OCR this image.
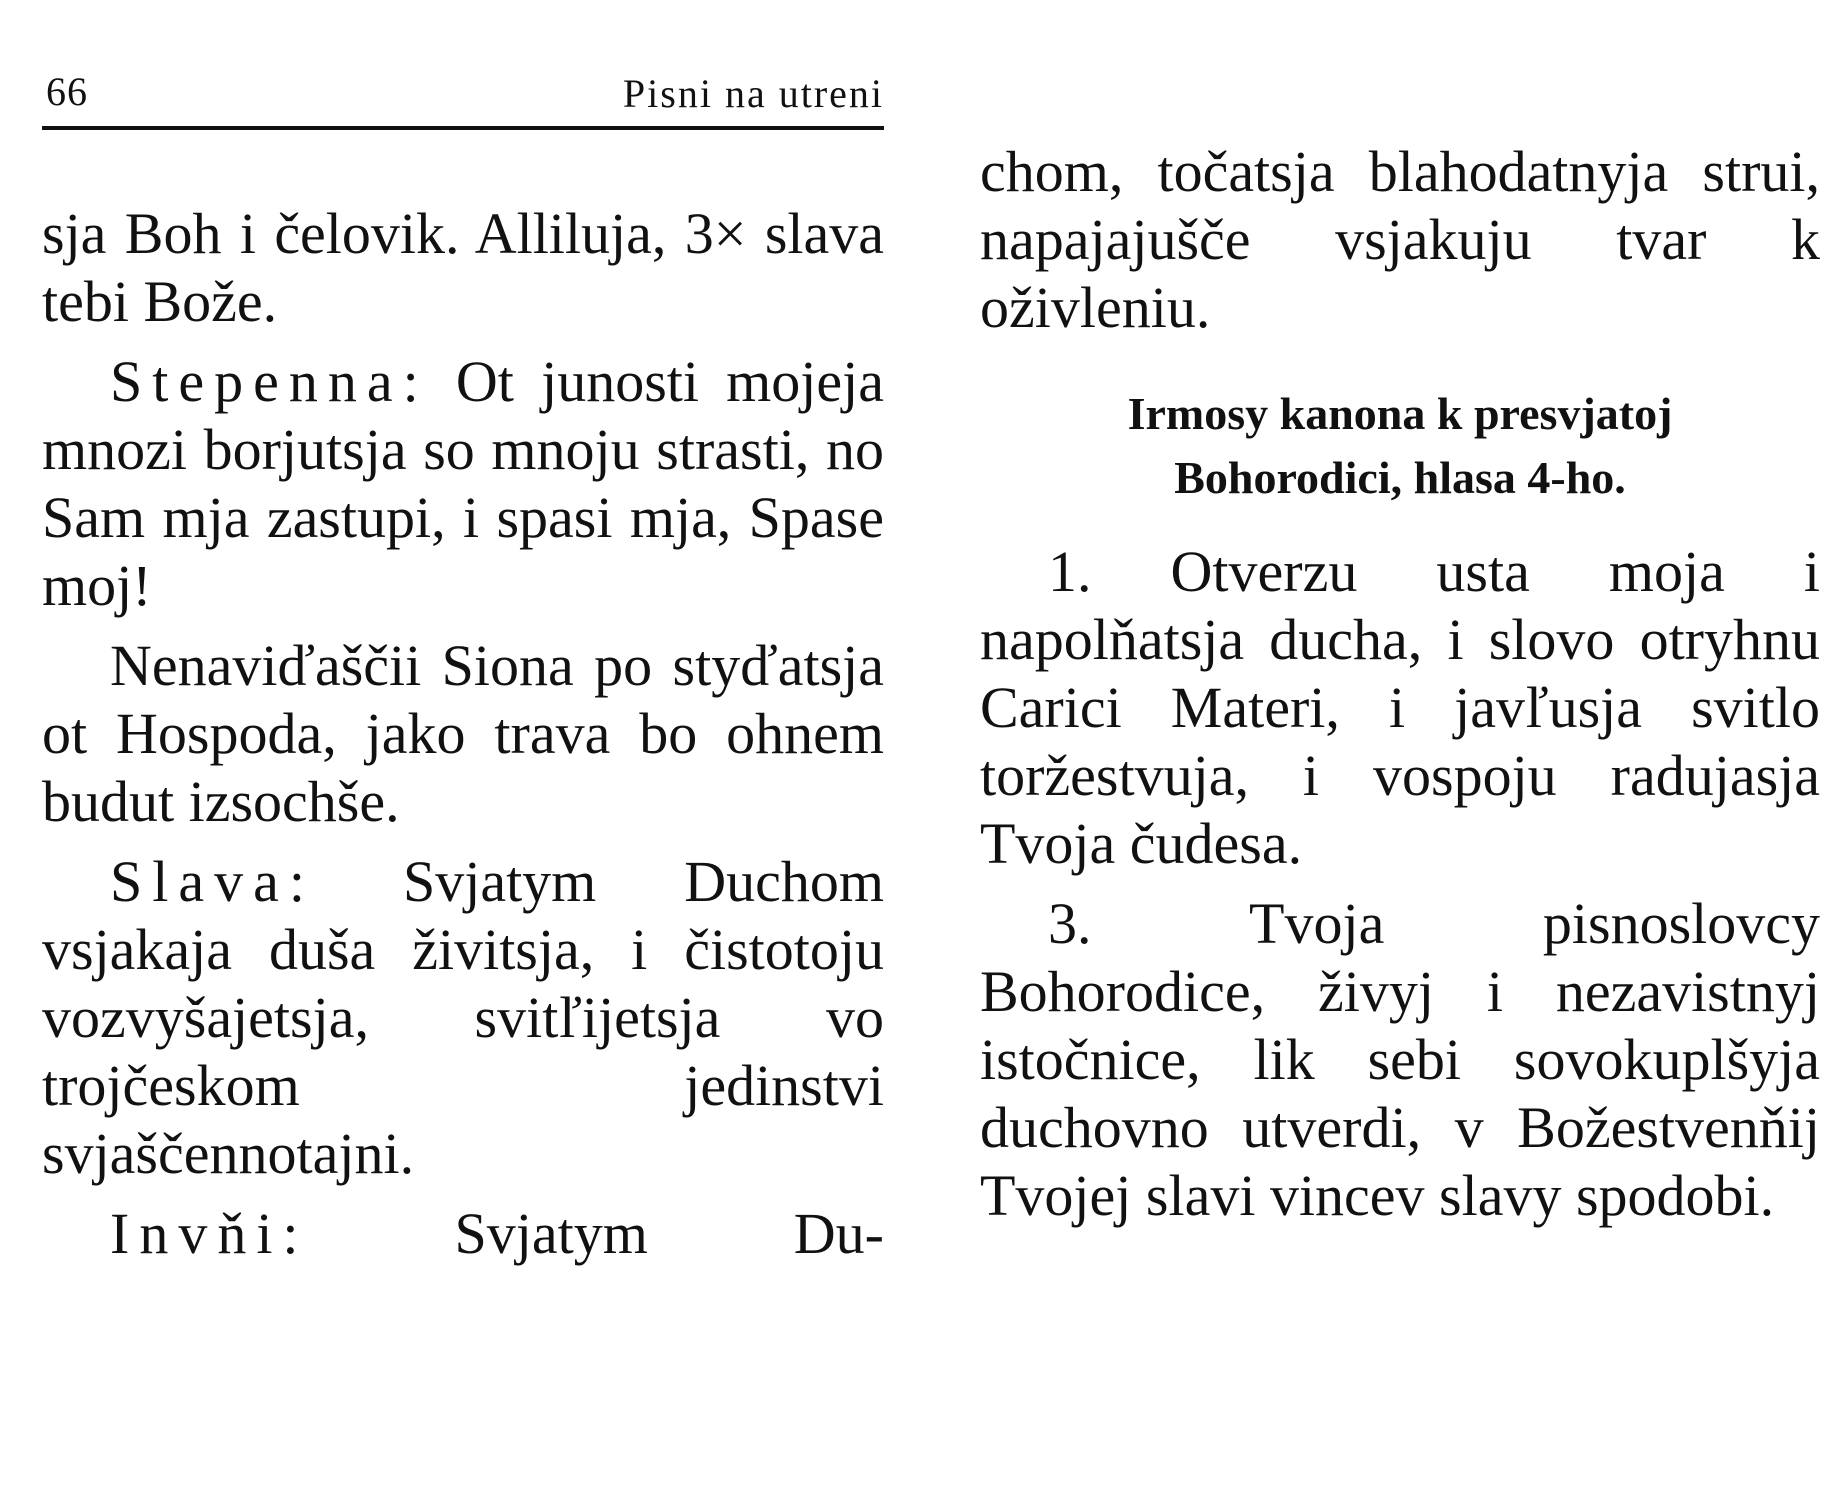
66	Pisni na utreni

sja Boh i čelovik. Alliluja, 3× slava tebi Bože.

Stepenna: Ot junosti mojeja mnozi borjutsja so mnoju strasti, no Sam mja zastupi, i spasi mja, Spase moj!

Nenaviďaščii Siona po styďatsja ot Hospoda, jako trava bo ohnem budut izsochše.

Slava: Svjatym Duchom vsjakaja duša živitsja, i čistotoju vozvyšajetsja, svitľijetsja vo trojčeskom jedinstvi svjaščennotajni.

Invňi:	Svjatym Du-

chom, točatsja blahodatnyja strui, napajajušče vsjakuju tvar k oživleniu.

Irmosy kanona k presvjatoj
Bohorodici, hlasa 4-ho.

1. Otverzu usta moja i napolňatsja ducha, i slovo otryhnu Carici Materi, i javľusja svitlo toržestvuja, i vospoju radujasja Tvoja čudesa.

3. Tvoja pisnoslovcy Bohorodice, živyj i nezavistnyj istočnice, lik sebi sovokuplšyja duchovno utverdi, v Božestvenňij Tvojej slavi vincev slavy spodobi.
